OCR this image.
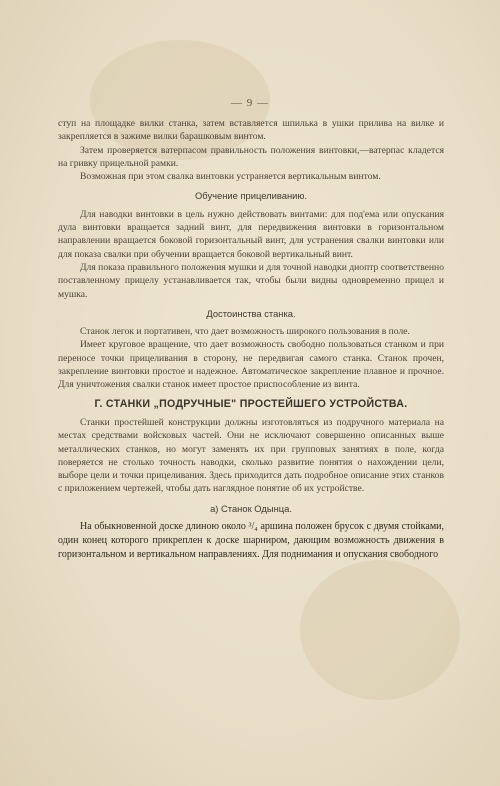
— 9 —

ступ на площадке вилки станка, затем вставляется шпилька в ушки прилива на вилке и закрепляется в зажиме вилки барашковым винтом.

Затем проверяется ватерпасом правильность положения винтовки,—ватерпас кладется на гривку прицельной рамки.

Возможная при этом свалка винтовки устраняется вертикальным винтом.

Обучение прицеливанию.

Для наводки винтовки в цель нужно действовать винтами: для под'ема или опускания дула винтовки вращается задний винт, для передвижения винтовки в горизонтальном направлении вращается боковой горизонтальный винт, для устранения свалки винтовки или для показа свалки при обучении вращается боковой вертикальный винт.

Для показа правильного положения мушки и для точной наводки диоптр соответственно поставленному прицелу устанавливается так, чтобы были видны одновременно прицел и мушка.

Достоинства станка.

Станок легок и портативен, что дает возможность широкого пользования в поле.

Имеет круговое вращение, что дает возможность свободно пользоваться станком и при переносе точки прицеливания в сторону, не передвигая самого станка. Станок прочен, закрепление винтовки простое и надежное. Автоматическое закрепление плавное и прочное. Для уничтожения свалки станок имеет простое приспособление из винта.

Г. СТАНКИ „ПОДРУЧНЫЕ" ПРОСТЕЙШЕГО УСТРОЙСТВА.

Станки простейшей конструкции должны изготовляться из подручного материала на местах средствами войсковых частей. Они не исключают совершенно описанных выше металлических станков, но могут заменять их при групповых занятиях в поле, когда поверяется не столько точность наводки, сколько развитие понятия о нахождении цели, выборе цели и точки прицеливания. Здесь приходится дать подробное описание этих станков с приложением чертежей, чтобы дать наглядное понятие об их устройстве.

а) Станок Одынца.

На обыкновенной доске длиною около ³/₄ аршина положен брусок с двумя стойками, один конец которого прикреплен к доске шарниром, дающим возможность движения в горизонтальном и вертикальном направлениях. Для поднимания и опускания свободного
